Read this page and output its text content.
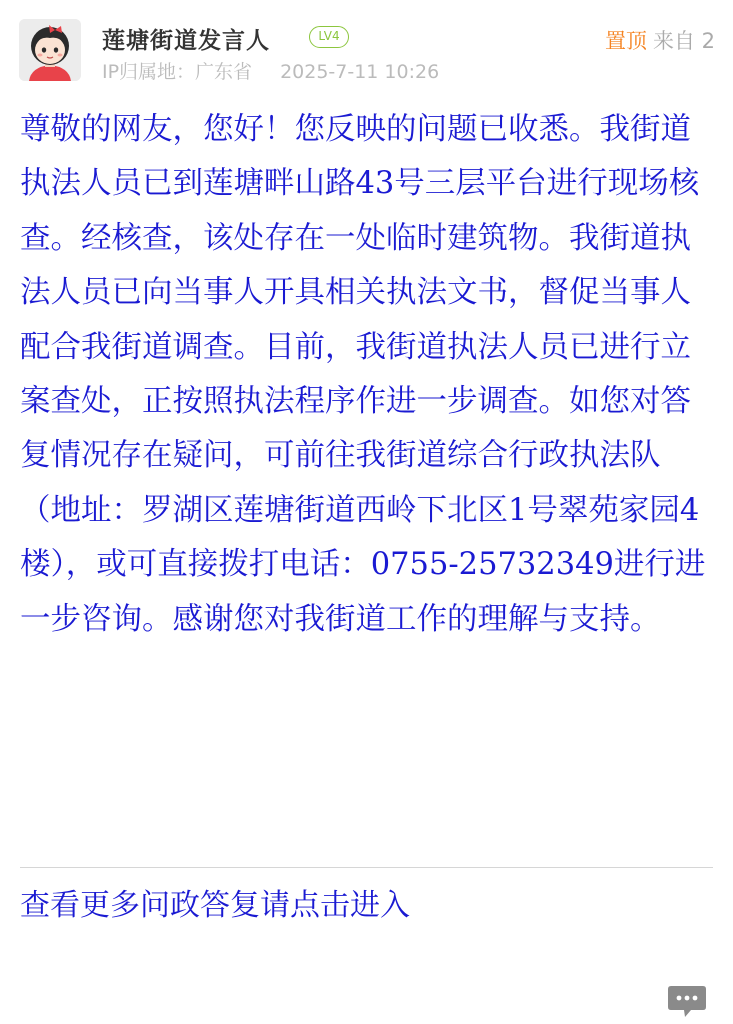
莲塘街道发言人	LV4	置顶 来自 2
IP归属地：广东省 2025-7-11 10:26

尊敬的网友，您好！您反映的问题已收悉。我街道执法人员已到莲塘畔山路43号三层平台进行现场核查。经核查，该处存在一处临时建筑物。我街道执法人员已向当事人开具相关执法文书，督促当事人配合我街道调查。目前，我街道执法人员已进行立案查处，正按照执法程序作进一步调查。如您对答复情况存在疑问，可前往我街道综合行政执法队（地址：罗湖区莲塘街道西岭下北区1号翠苑家园4楼），或可直接拨打电话：0755-25732349进行进一步咨询。感谢您对我街道工作的理解与支持。

查看更多问政答复请点击进入
